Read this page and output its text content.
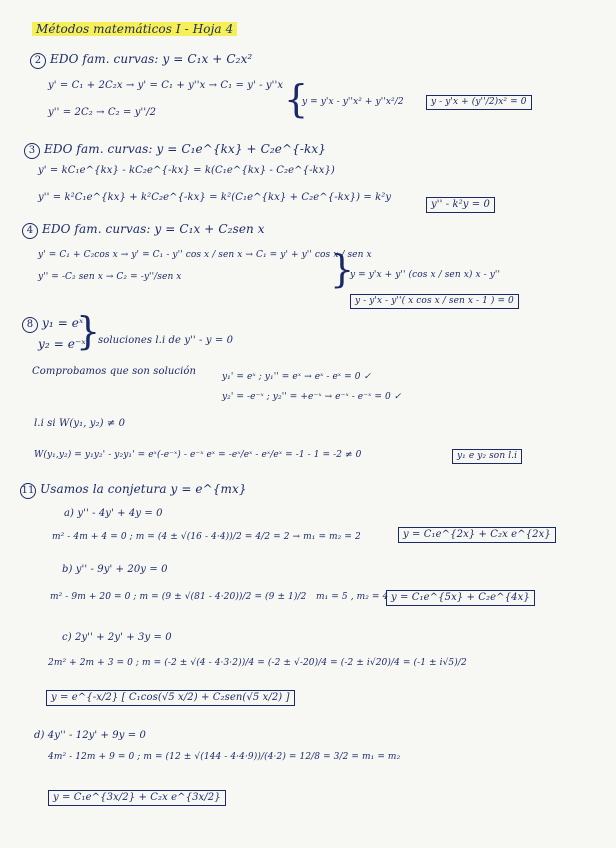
Métodos matemáticos I - Hoja 4
2 EDO fam. curvas: y = C₁x + C₂x²
y' = C₁ + 2C₂x → y' = C₁ + y''x → C₁ = y' - y''x
y'' = 2C₂ → C₂ = y''/2	{
y = y'x - y''x² + y''x²/2	y - y'x + (y''/2)x² = 0
3 EDO fam. curvas: y = C₁e^{kx} + C₂e^{-kx}
y' = kC₁e^{kx} - kC₂e^{-kx} = k(C₁e^{kx} - C₂e^{-kx})
y'' = k²C₁e^{kx} + k²C₂e^{-kx} = k²(C₁e^{kx} + C₂e^{-kx}) = k²y
y'' - k²y = 0
4 EDO fam. curvas: y = C₁x + C₂sen x
y' = C₁ + C₂cos x → y' = C₁ - y'' cos x / sen x → C₁ = y' + y'' cos x / sen x
y'' = -C₂ sen x → C₂ = -y''/sen x	}
y = y'x + y'' (cos x / sen x) x - y''
y - y'x - y''( x cos x / sen x - 1 ) = 0
8 y₁ = eˣ
y₂ = e⁻ˣ
}
soluciones l.i de y'' - y = 0
Comprobamos que son solución	y₁' = eˣ ; y₁'' = eˣ → eˣ - eˣ = 0 ✓
y₂' = -e⁻ˣ ; y₂'' = +e⁻ˣ → e⁻ˣ - e⁻ˣ = 0 ✓
l.i si W(y₁, y₂) ≠ 0
W(y₁,y₂) = y₁y₂' - y₂y₁' = eˣ(-e⁻ˣ) - e⁻ˣ eˣ = -eˣ/eˣ - eˣ/eˣ = -1 - 1 = -2 ≠ 0	y₁ e y₂ son l.i
11 Usamos la conjetura y = e^{mx}
a) y'' - 4y' + 4y = 0
m² - 4m + 4 = 0 ; m = (4 ± √(16 - 4·4))/2 = 4/2 = 2 → m₁ = m₂ = 2	y = C₁e^{2x} + C₂x e^{2x}
b) y'' - 9y' + 20y = 0
m² - 9m + 20 = 0 ; m = (9 ± √(81 - 4·20))/2 = (9 ± 1)/2 m₁ = 5 , m₂ = 4 y = C₁e^{5x} + C₂e^{4x}
c) 2y'' + 2y' + 3y = 0
2m² + 2m + 3 = 0 ; m = (-2 ± √(4 - 4·3·2))/4 = (-2 ± √-20)/4 = (-2 ± i√20)/4 = (-1 ± i√5)/2
y = e^{-x/2} [ C₁cos(√5 x/2) + C₂sen(√5 x/2) ]
d) 4y'' - 12y' + 9y = 0
4m² - 12m + 9 = 0 ; m = (12 ± √(144 - 4·4·9))/(4·2) = 12/8 = 3/2 = m₁ = m₂
y = C₁e^{3x/2} + C₂x e^{3x/2}
